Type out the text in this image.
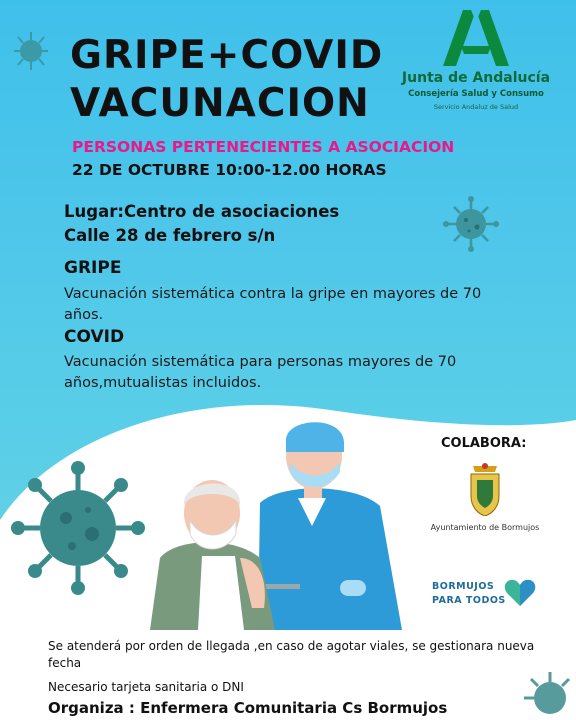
GRIPE+COVID
VACUNACION
Junta de Andalucía
Consejería Salud y Consumo
Servicio Andaluz de Salud
PERSONAS PERTENECIENTES A ASOCIACION
22 DE OCTUBRE 10:00-12.00 HORAS
Lugar:Centro de asociaciones
Calle 28 de febrero s/n
GRIPE
Vacunación sistemática contra la gripe en mayores de 70 años.
COVID
Vacunación sistemática para personas mayores de 70 años,mutualistas incluidos.
COLABORA:
Ayuntamiento de Bormujos
BORMUJOS
PARA TODOS
Se atenderá por orden de llegada ,en caso de agotar viales, se gestionara nueva fecha
Necesario tarjeta sanitaria o DNI
Organiza : Enfermera Comunitaria Cs Bormujos
